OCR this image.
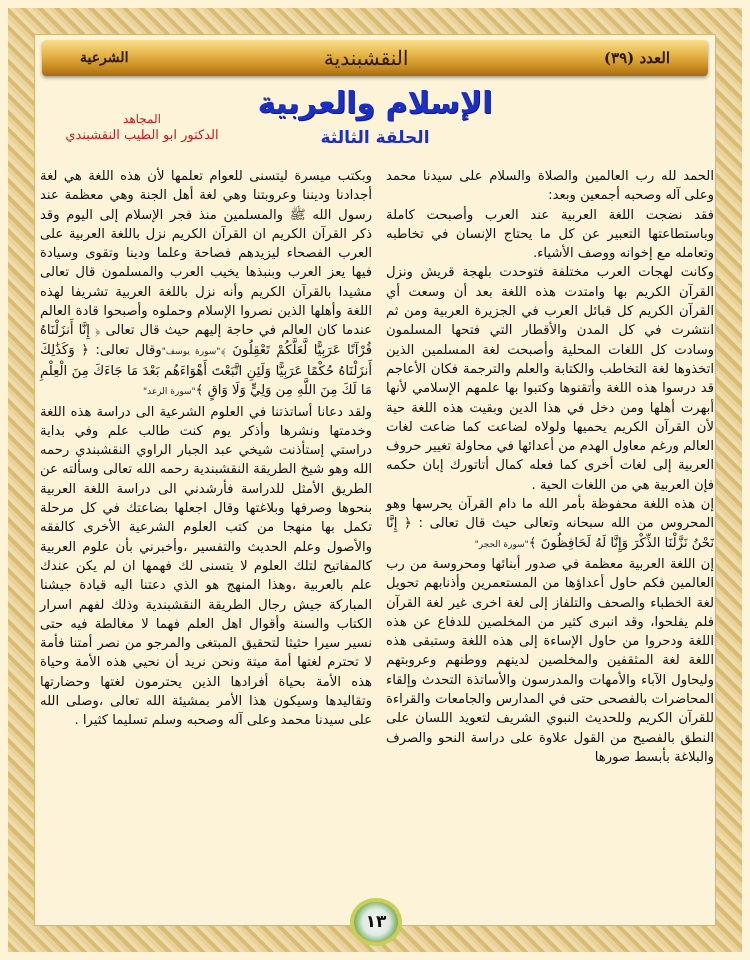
العدد (٣٩)
النقشبندية
الشرعية
الإسلام والعربية
الحلقة الثالثة
المجاهد
الدكتور ابو الطيب النقشبندي

الحمد لله رب العالمين والصلاة والسلام على سيدنا محمد وعلى آله وصحبه أجمعين وبعد:

فقد نضجت اللغة العربية عند العرب وأصبحت كاملة وباستطاعتها التعبير عن كل ما يحتاج الإنسان في تخاطبه وتعامله مع إخوانه ووصف الأشياء.

وكانت لهجات العرب مختلفة فتوحدت بلهجة قريش ونزل القرآن الكريم بها وامتدت هذه اللغة بعد أن وسعت أي القرآن الكريم كل قبائل العرب في الجزيرة العربية ومن ثم انتشرت في كل المدن والأقطار التي فتحها المسلمون وسادت كل اللغات المحلية وأصبحت لغة المسلمين الذين اتخذوها لغة التخاطب والكتابة والعلم والترجمة فكان الأعاجم قد درسوا هذه اللغة وأتقنوها وكتبوا بها علمهم الإسلامي لأنها أبهرت أهلها ومن دخل في هذا الدين وبقيت هذه اللغة حية لأن القرآن الكريم يحميها ولولاه لضاعت كما ضاعت لغات العالم ورغم معاول الهدم من أعدائها في محاولة تغيير حروف العربية إلى لغات أخرى كما فعله كمال أتاتورك إبان حكمه فإن العربية هي من اللغات الحية .

إن هذه اللغة محفوظة بأمر الله ما دام القرآن يحرسها وهو المحروس من الله سبحانه وتعالى حيث قال تعالى : ﴿ إِنَّا نَحْنُ نَزَّلْنَا الذِّكْرَ وَإِنَّا لَهُ لَحَافِظُونَ ﴾"سورة الحجر"

إن اللغة العربية معظمة في صدور أبنائها ومحروسة من رب العالمين فكم حاول أعداؤها من المستعمرين وأذنابهم تحويل لغة الخطباء والصحف والتلفاز إلى لغة اخرى غير لغة القرآن فلم يفلحوا، وقد انبرى كثير من المخلصين للدفاع عن هذه اللغة ودحروا من حاول الإساءة إلى هذه اللغة وستبقى هذه اللغة لغة المثقفين والمخلصين لدينهم ووطنهم وعروبتهم وليحاول الآباء والأمهات والمدرسون والأساتذة التحدث وإلقاء المحاضرات بالفصحى حتى في المدارس والجامعات والقراءة للقرآن الكريم وللحديث النبوي الشريف لتعويد اللسان على النطق بالفصيح من القول علاوة على دراسة النحو والصرف والبلاغة بأبسط صورها

وبكتب ميسرة ليتسنى للعوام تعلمها لأن هذه اللغة هي لغة أجدادنا وديننا وعروبتنا وهي لغة أهل الجنة وهي معظمة عند رسول الله ﷺ والمسلمين منذ فجر الإسلام إلى اليوم وقد ذكر القرآن الكريم ان القرآن الكريم نزل باللغة العربية على العرب الفصحاء ليزيدهم فصاحة وعلما ودينا وتقوى وسيادة فيها يعز العرب وبنبذها يخيب العرب والمسلمون قال تعالى مشيدا بالقرآن الكريم وأنه نزل باللغة العربية تشريفا لهذه اللغة وأهلها الذين نصروا الإسلام وحملوه وأصبحوا قادة العالم عندما كان العالم في حاجة إليهم حيث قال تعالى ﴿ إِنَّا أَنزَلْنَاهُ قُرْآنًا عَرَبِيًّا لَّعَلَّكُمْ تَعْقِلُونَ ﴾"سورة يوسف"وقال تعالى: ﴿ وَكَذَٰلِكَ أَنزَلْنَاهُ حُكْمًا عَرَبِيًّا وَلَئِنِ اتَّبَعْتَ أَهْوَاءَهُم بَعْدَ مَا جَاءَكَ مِنَ الْعِلْمِ مَا لَكَ مِنَ اللَّهِ مِن وَلِيٍّ وَلَا وَاقٍ ﴾"سورة الرعد"

ولقد دعانا أساتذتنا في العلوم الشرعية الى دراسة هذه اللغة وخدمتها ونشرها وأذكر يوم كنت طالب علم وفي بداية دراستي إستأذنت شيخي عبد الجبار الراوي النقشبندي رحمه الله وهو شيخ الطريقة النقشبندية رحمه الله تعالى وسألته عن الطريق الأمثل للدراسة فأرشدني الى دراسة اللغة العربية بنحوها وصرفها وبلاغتها وقال اجعلها بضاعتك في كل مرحلة تكمل بها منهجا من كتب العلوم الشرعية الأخرى كالفقه والأصول وعلم الحديث والتفسير ،وأخبرني بأن علوم العربية كالمفاتيح لتلك العلوم لا يتسنى لك فهمها ان لم يكن عندك علم بالعربية ،وهذا المنهج هو الذي دعتنا اليه قيادة جيشنا المباركة جيش رجال الطريقة النقشبندية وذلك لفهم اسرار الكتاب والسنة وأقوال اهل العلم فهما لا مغالطة فيه حتى نسير سيرا حثيثا لتحقيق المبتغى والمرجو من نصر أمتنا فأمة لا تحترم لغتها أمة ميتة ونحن نريد أن نحيي هذه الأمة وحياة هذه الأمة بحياة أفرادها الذين يحترمون لغتها وحضارتها وتقاليدها وسيكون هذا الأمر بمشيئة الله تعالى ،وصلى الله على سيدنا محمد وعلى آله وصحبه وسلم تسليما كثيرا .

١٣
